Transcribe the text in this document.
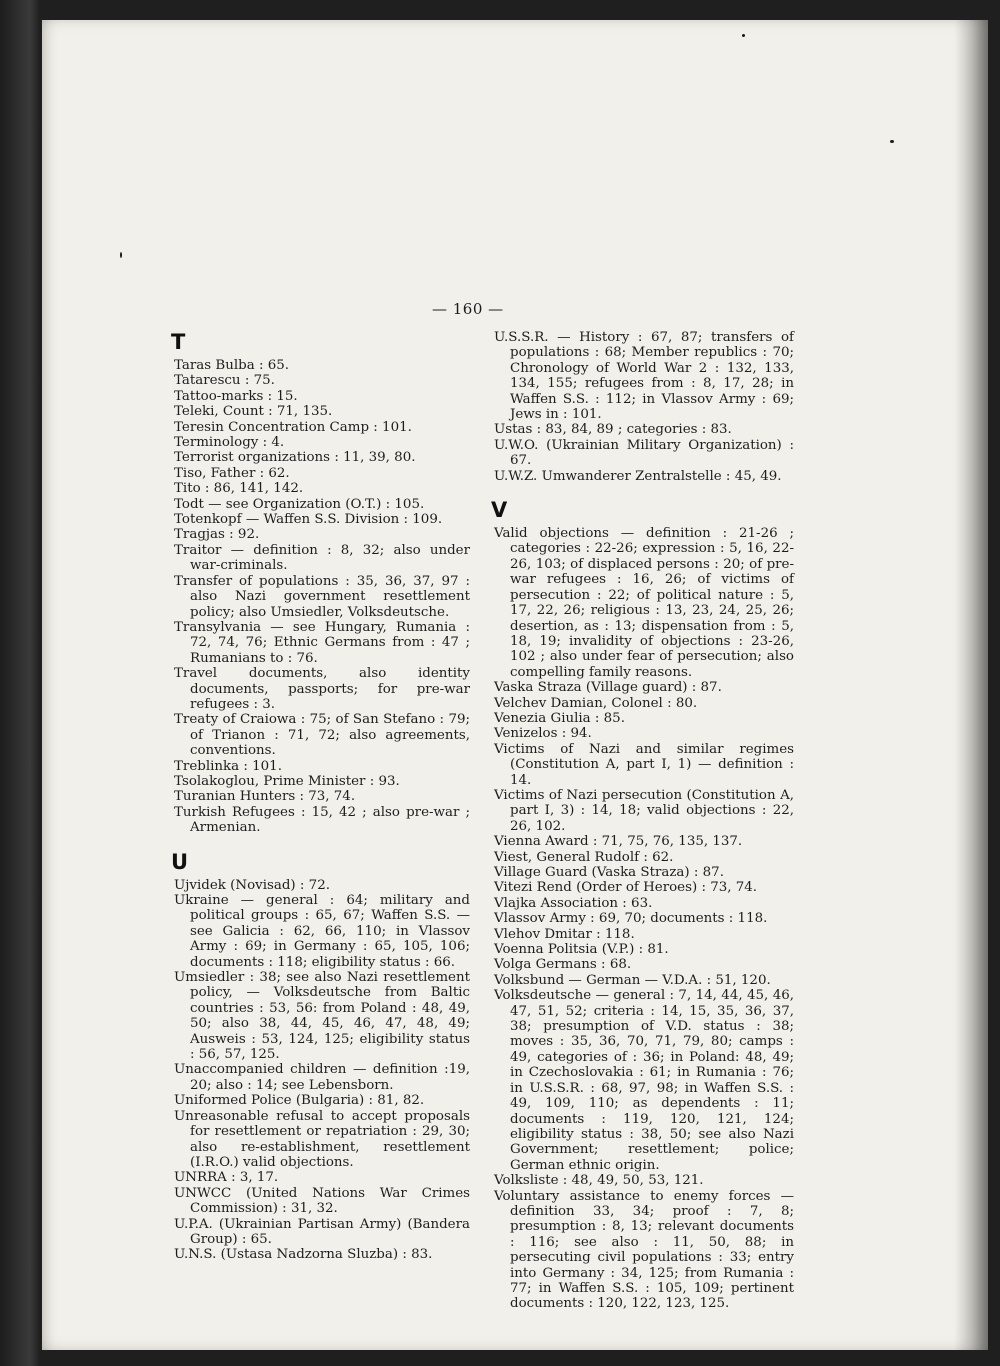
— 160 —
T

Taras Bulba : 65.

Tatarescu : 75.

Tattoo-marks : 15.

Teleki, Count : 71, 135.

Teresin Concentration Camp : 101.

Terminology : 4.

Terrorist organizations : 11, 39, 80.

Tiso, Father : 62.

Tito : 86, 141, 142.

Todt — see Organization (O.T.) : 105.

Totenkopf — Waffen S.S. Division : 109.

Tragjas : 92.

Traitor — definition : 8, 32; also under war-criminals.

Transfer of populations : 35, 36, 37, 97 : also Nazi government resettlement policy; also Umsiedler, Volksdeutsche.

Transylvania — see Hungary, Rumania : 72, 74, 76; Ethnic Germans from : 47 ; Rumanians to : 76.

Travel documents, also identity documents, passports; for pre-war refugees : 3.

Treaty of Craiowa : 75; of San Stefano : 79; of Trianon : 71, 72; also agreements, conventions.

Treblinka : 101.

Tsolakoglou, Prime Minister : 93.

Turanian Hunters : 73, 74.

Turkish Refugees : 15, 42 ; also pre-war ; Armenian.

U

Ujvidek (Novisad) : 72.

Ukraine — general : 64; military and political groups : 65, 67; Waffen S.S. — see Galicia : 62, 66, 110; in Vlassov Army : 69; in Germany : 65, 105, 106; documents : 118; eligibility status : 66.

Umsiedler : 38; see also Nazi resettlement policy, — Volksdeutsche from Baltic countries : 53, 56: from Poland : 48, 49, 50; also 38, 44, 45, 46, 47, 48, 49; Ausweis : 53, 124, 125; eligibility status : 56, 57, 125.

Unaccompanied children — definition :19, 20; also : 14; see Lebensborn.

Uniformed Police (Bulgaria) : 81, 82.

Unreasonable refusal to accept proposals for resettlement or repatriation : 29, 30; also re-establishment, resettlement (I.R.O.) valid objections.

UNRRA : 3, 17.

UNWCC (United Nations War Crimes Commission) : 31, 32.

U.P.A. (Ukrainian Partisan Army) (Bandera Group) : 65.

U.N.S. (Ustasa Nadzorna Sluzba) : 83.

U.S.S.R. — History : 67, 87; transfers of populations : 68; Member republics : 70; Chronology of World War 2 : 132, 133, 134, 155; refugees from : 8, 17, 28; in Waffen S.S. : 112; in Vlassov Army : 69; Jews in : 101.

Ustas : 83, 84, 89 ; categories : 83.

U.W.O. (Ukrainian Military Organization) : 67.

U.W.Z. Umwanderer Zentralstelle : 45, 49.

V

Valid objections — definition : 21-26 ; categories : 22-26; expression : 5, 16, 22-26, 103; of displaced persons : 20; of pre-war refugees : 16, 26; of victims of persecution : 22; of political nature : 5, 17, 22, 26; religious : 13, 23, 24, 25, 26; desertion, as : 13; dispensation from : 5, 18, 19; invalidity of objections : 23-26, 102 ; also under fear of persecution; also compelling family reasons.

Vaska Straza (Village guard) : 87.

Velchev Damian, Colonel : 80.

Venezia Giulia : 85.

Venizelos : 94.

Victims of Nazi and similar regimes (Constitution A, part I, 1) — definition : 14.

Victims of Nazi persecution (Constitution A, part I, 3) : 14, 18; valid objections : 22, 26, 102.

Vienna Award : 71, 75, 76, 135, 137.

Viest, General Rudolf : 62.

Village Guard (Vaska Straza) : 87.

Vitezi Rend (Order of Heroes) : 73, 74.

Vlajka Association : 63.

Vlassov Army : 69, 70; documents : 118.

Vlehov Dmitar : 118.

Voenna Politsia (V.P.) : 81.

Volga Germans : 68.

Volksbund — German — V.D.A. : 51, 120.

Volksdeutsche — general : 7, 14, 44, 45, 46, 47, 51, 52; criteria : 14, 15, 35, 36, 37, 38; presumption of V.D. status : 38; moves : 35, 36, 70, 71, 79, 80; camps : 49, categories of : 36; in Poland: 48, 49; in Czechoslovakia : 61; in Rumania : 76; in U.S.S.R. : 68, 97, 98; in Waffen S.S. : 49, 109, 110; as dependents : 11; documents : 119, 120, 121, 124; eligibility status : 38, 50; see also Nazi Government; resettlement; police; German ethnic origin.

Volksliste : 48, 49, 50, 53, 121.

Voluntary assistance to enemy forces — definition 33, 34; proof : 7, 8; presumption : 8, 13; relevant documents : 116; see also : 11, 50, 88; in persecuting civil populations : 33; entry into Germany : 34, 125; from Rumania : 77; in Waffen S.S. : 105, 109; pertinent documents : 120, 122, 123, 125.
